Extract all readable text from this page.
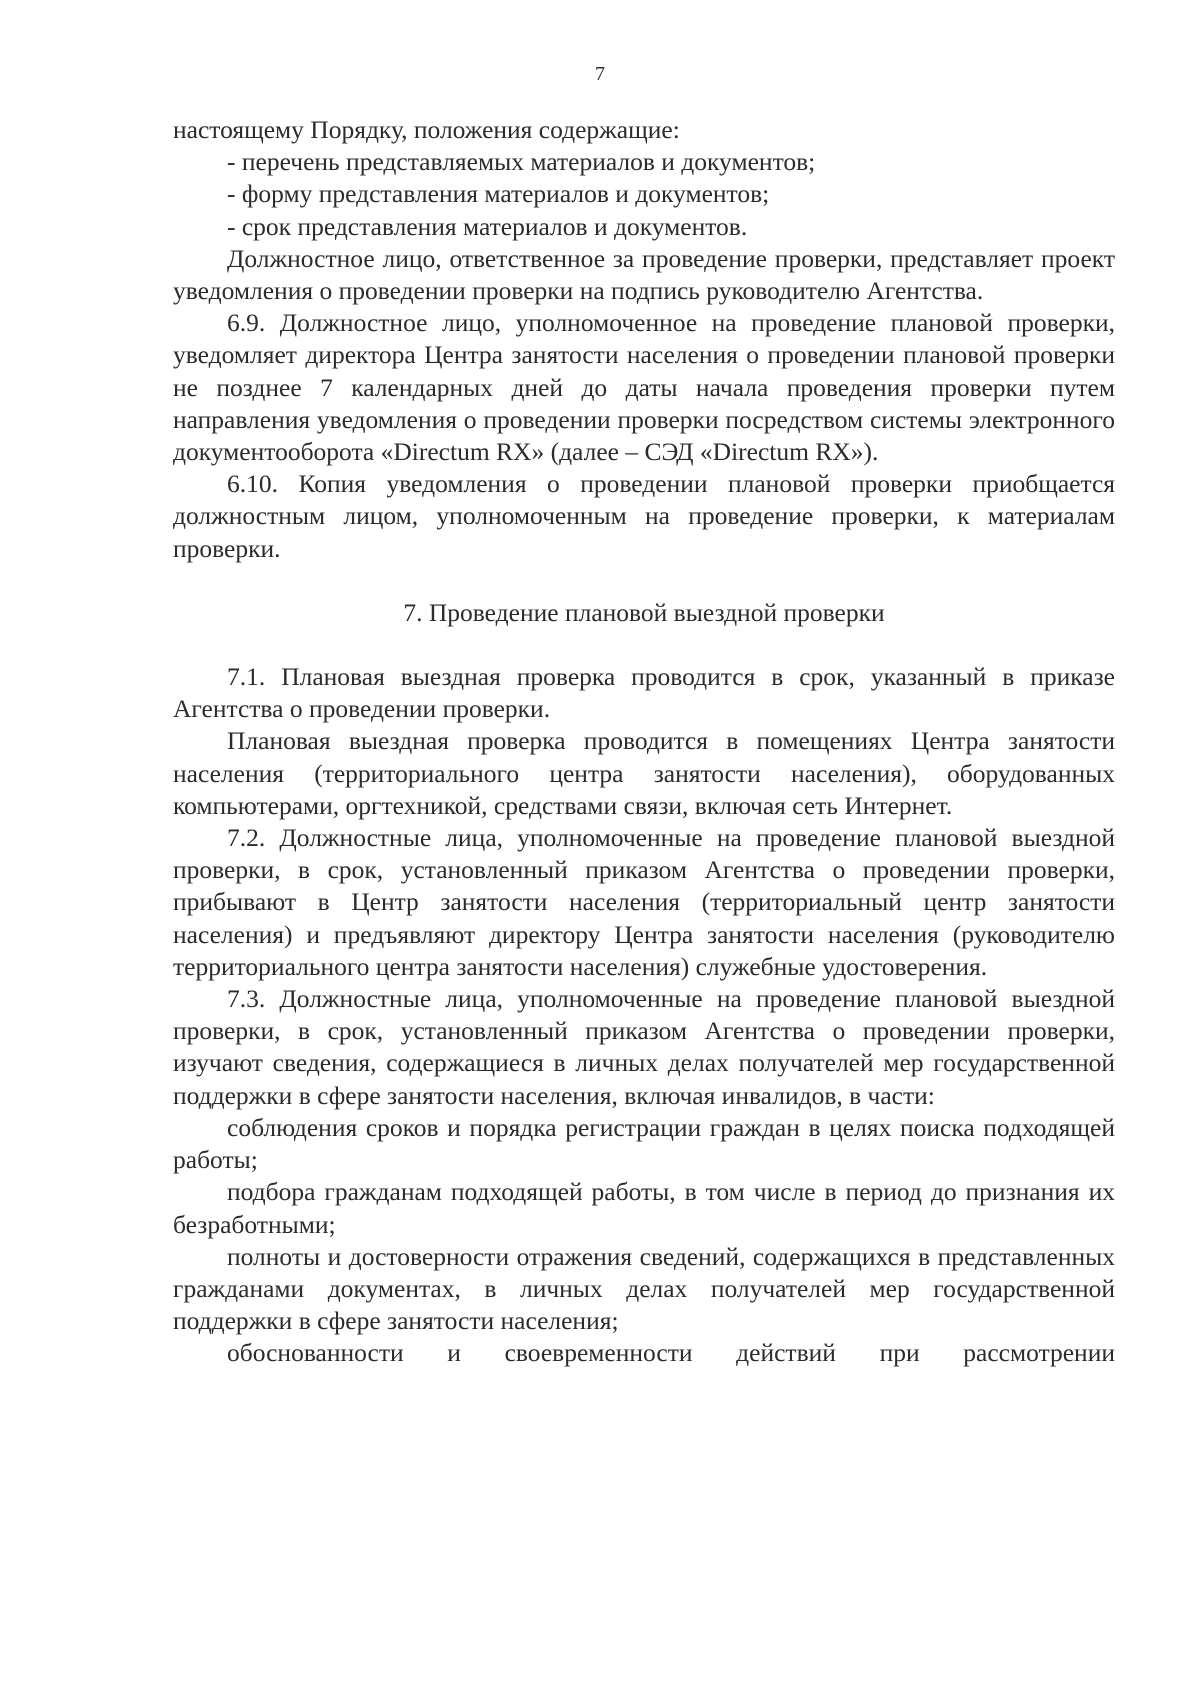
7

настоящему Порядку, положения содержащие:

- перечень представляемых материалов и документов;

- форму представления материалов и документов;

- срок представления материалов и документов.

Должностное лицо, ответственное за проведение проверки, представляет проект уведомления о проведении проверки на подпись руководителю Агентства.

6.9. Должностное лицо, уполномоченное на проведение плановой проверки, уведомляет директора Центра занятости населения о проведении плановой проверки не позднее 7 календарных дней до даты начала проведения проверки путем направления уведомления о проведении проверки посредством системы электронного документооборота «Directum RX» (далее – СЭД «Directum RX»).

6.10. Копия уведомления о проведении плановой проверки приобщается должностным лицом, уполномоченным на проведение проверки, к материалам проверки.

7. Проведение плановой выездной проверки

7.1. Плановая выездная проверка проводится в срок, указанный в приказе Агентства о проведении проверки.

Плановая выездная проверка проводится в помещениях Центра занятости населения (территориального центра занятости населения), оборудованных компьютерами, оргтехникой, средствами связи, включая сеть Интернет.

7.2. Должностные лица, уполномоченные на проведение плановой выездной проверки, в срок, установленный приказом Агентства о проведении проверки, прибывают в Центр занятости населения (территориальный центр занятости населения) и предъявляют директору Центра занятости населения (руководителю территориального центра занятости населения) служебные удостоверения.

7.3. Должностные лица, уполномоченные на проведение плановой выездной проверки, в срок, установленный приказом Агентства о проведении проверки, изучают сведения, содержащиеся в личных делах получателей мер государственной поддержки в сфере занятости населения, включая инвалидов, в части:

соблюдения сроков и порядка регистрации граждан в целях поиска подходящей работы;

подбора гражданам подходящей работы, в том числе в период до признания их безработными;

полноты и достоверности отражения сведений, содержащихся в представленных гражданами документах, в личных делах получателей мер государственной поддержки в сфере занятости населения;

обоснованности и своевременности действий при рассмотрении
